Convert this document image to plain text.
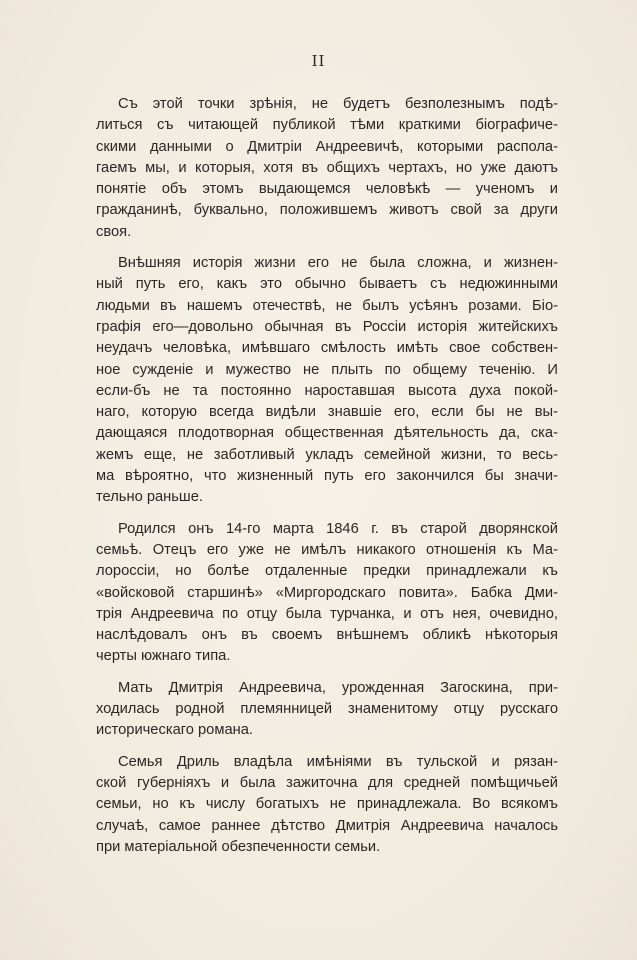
II

Съ этой точки зрѣнія, не будетъ безполезнымъ подѣ-
литься съ читающей публикой тѣми краткими біографиче-
скими данными о Дмитріи Андреевичѣ, которыми распола-
гаемъ мы, и которыя, хотя въ общихъ чертахъ, но уже даютъ
понятіе объ этомъ выдающемся человѣкѣ — ученомъ и
гражданинѣ, буквально, положившемъ животъ свой за други
своя.

Внѣшняя исторія жизни его не была сложна, и жизнен-
ный путь его, какъ это обычно бываетъ съ недюжинными
людьми въ нашемъ отечествѣ, не былъ усѣянъ розами. Біо-
графія его—довольно обычная въ Россіи исторія житейскихъ
неудачъ человѣка, имѣвшаго смѣлость имѣть свое собствен-
ное сужденіе и мужество не плыть по общему теченію. И
если-бъ не та постоянно нароставшая высота духа покой-
наго, которую всегда видѣли знавшіе его, если бы не вы-
дающаяся плодотворная общественная дѣятельность да, ска-
жемъ еще, не заботливый укладъ семейной жизни, то весь-
ма вѣроятно, что жизненный путь его закончился бы значи-
тельно раньше.

Родился онъ 14-го марта 1846 г. въ старой дворянской
семьѣ. Отецъ его уже не имѣлъ никакого отношенія къ Ма-
лороссіи, но болѣе отдаленные предки принадлежали къ
«войсковой старшинѣ» «Миргородскаго повита». Бабка Дми-
трія Андреевича по отцу была турчанка, и отъ нея, очевидно,
наслѣдовалъ онъ въ своемъ внѣшнемъ обликѣ нѣкоторыя
черты южнаго типа.

Мать Дмитрія Андреевича, урожденная Загоскина, при-
ходилась родной племянницей знаменитому отцу русскаго
историческаго романа.

Семья Дриль владѣла имѣніями въ тульской и рязан-
ской губерніяхъ и была зажиточна для средней помѣщичьей
семьи, но къ числу богатыхъ не принадлежала. Во всякомъ
случаѣ, самое раннее дѣтство Дмитрія Андреевича началось
при матеріальной обезпеченности семьи.
